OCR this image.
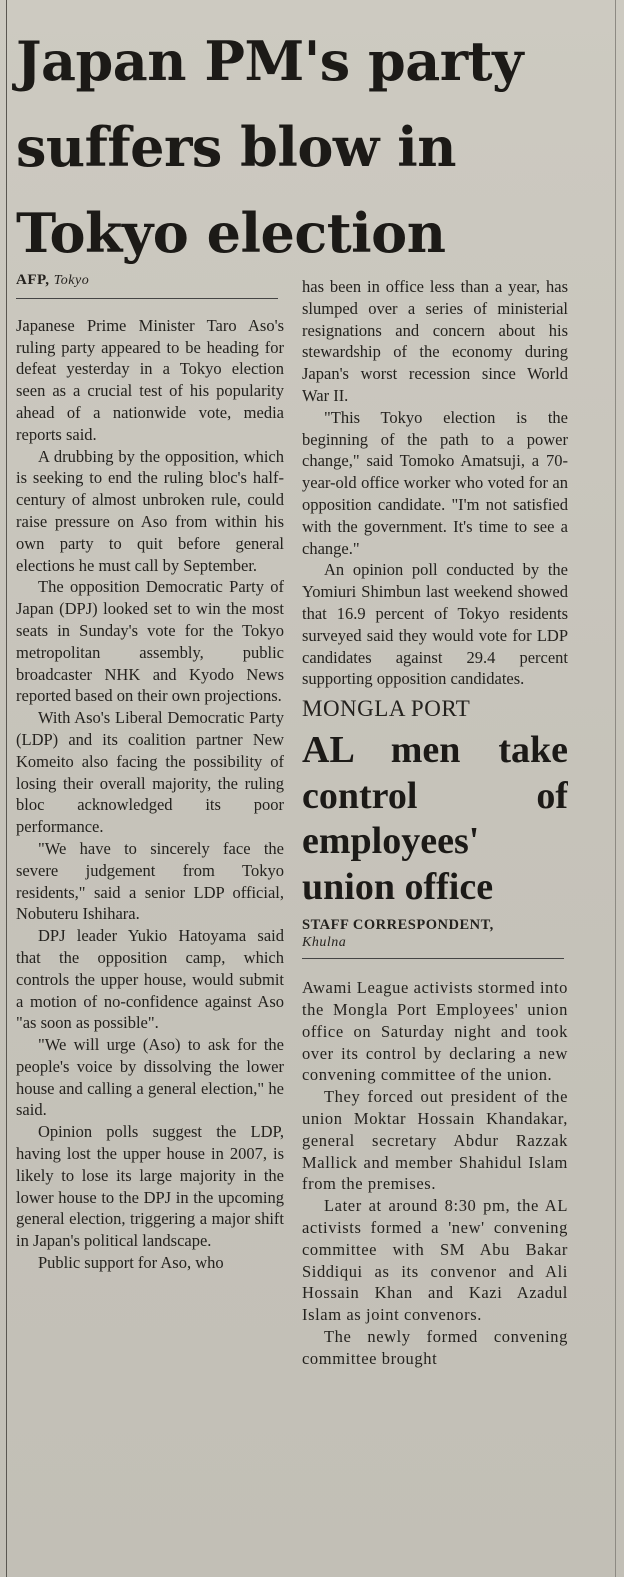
Japan PM's party
suffers blow in
Tokyo election
AFP, Tokyo

Japanese Prime Minister Taro Aso's ruling party appeared to be heading for defeat yesterday in a Tokyo election seen as a crucial test of his popularity ahead of a nationwide vote, media reports said.

A drubbing by the opposition, which is seeking to end the ruling bloc's half-century of almost unbroken rule, could raise pressure on Aso from within his own party to quit before general elections he must call by September.

The opposition Democratic Party of Japan (DPJ) looked set to win the most seats in Sunday's vote for the Tokyo metropolitan assembly, public broadcaster NHK and Kyodo News reported based on their own projections.

With Aso's Liberal Democratic Party (LDP) and its coalition partner New Komeito also facing the possibility of losing their overall majority, the ruling bloc acknowledged its poor performance.

"We have to sincerely face the severe judgement from Tokyo residents," said a senior LDP official, Nobuteru Ishihara.

DPJ leader Yukio Hatoyama said that the opposition camp, which controls the upper house, would submit a motion of no-confidence against Aso "as soon as possible".

"We will urge (Aso) to ask for the people's voice by dissolving the lower house and calling a general election," he said.

Opinion polls suggest the LDP, having lost the upper house in 2007, is likely to lose its large majority in the lower house to the DPJ in the upcoming general election, triggering a major shift in Japan's political landscape.

Public support for Aso, who

has been in office less than a year, has slumped over a series of ministerial resignations and concern about his stewardship of the economy during Japan's worst recession since World War II.

"This Tokyo election is the beginning of the path to a power change," said Tomoko Amatsuji, a 70-year-old office worker who voted for an opposition candidate. "I'm not satisfied with the government. It's time to see a change."

An opinion poll conducted by the Yomiuri Shimbun last weekend showed that 16.9 percent of Tokyo residents surveyed said they would vote for LDP candidates against 29.4 percent supporting opposition candidates.

MONGLA PORT
AL men take control of employees' union office
STAFF CORRESPONDENT,
Khulna

Awami League activists stormed into the Mongla Port Employees' union office on Saturday night and took over its control by declaring a new convening committee of the union.

They forced out president of the union Moktar Hossain Khandakar, general secretary Abdur Razzak Mallick and member Shahidul Islam from the premises.

Later at around 8:30 pm, the AL activists formed a 'new' convening committee with SM Abu Bakar Siddiqui as its convenor and Ali Hossain Khan and Kazi Azadul Islam as joint convenors.

The newly formed convening committee brought
